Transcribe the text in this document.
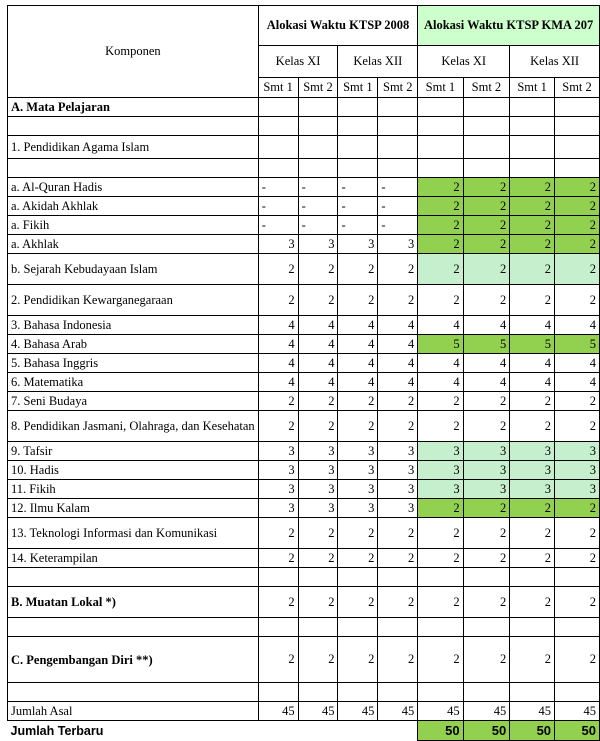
Komponen	Alokasi Waktu KTSP 2008				Alokasi Waktu KTSP KMA 207			
	Kelas XI		Kelas XII		Kelas XI		Kelas XII	
	Smt 1	Smt 2	Smt 1	Smt 2	Smt 1	Smt 2	Smt 1	Smt 2
A. Mata Pelajaran								

1. Pendidikan Agama Islam								

a. Al-Quran Hadis	-	-	-	-	2	2	2	2
a. Akidah Akhlak	-	-	-	-	2	2	2	2
a. Fikih	-	-	-	-	2	2	2	2
a. Akhlak	3	3	3	3	2	2	2	2
b. Sejarah Kebudayaan Islam	2	2	2	2	2	2	2	2
2. Pendidikan Kewarganegaraan	2	2	2	2	2	2	2	2
3. Bahasa Indonesia	4	4	4	4	4	4	4	4
4. Bahasa Arab	4	4	4	4	5	5	5	5
5. Bahasa Inggris	4	4	4	4	4	4	4	4
6. Matematika	4	4	4	4	4	4	4	4
7. Seni Budaya	2	2	2	2	2	2	2	2
8. Pendidikan Jasmani, Olahraga, dan Kesehatan	2	2	2	2	2	2	2	2
9. Tafsir	3	3	3	3	3	3	3	3
10. Hadis	3	3	3	3	3	3	3	3
11. Fikih	3	3	3	3	3	3	3	3
12. Ilmu Kalam	3	3	3	3	2	2	2	2
13. Teknologi Informasi dan Komunikasi	2	2	2	2	2	2	2	2
14. Keterampilan	2	2	2	2	2	2	2	2

B. Muatan Lokal *)	2	2	2	2	2	2	2	2

C. Pengembangan Diri **)	2	2	2	2	2	2	2	2

Jumlah Asal	45	45	45	45	45	45	45	45
Jumlah Terbaru					50	50	50	50
